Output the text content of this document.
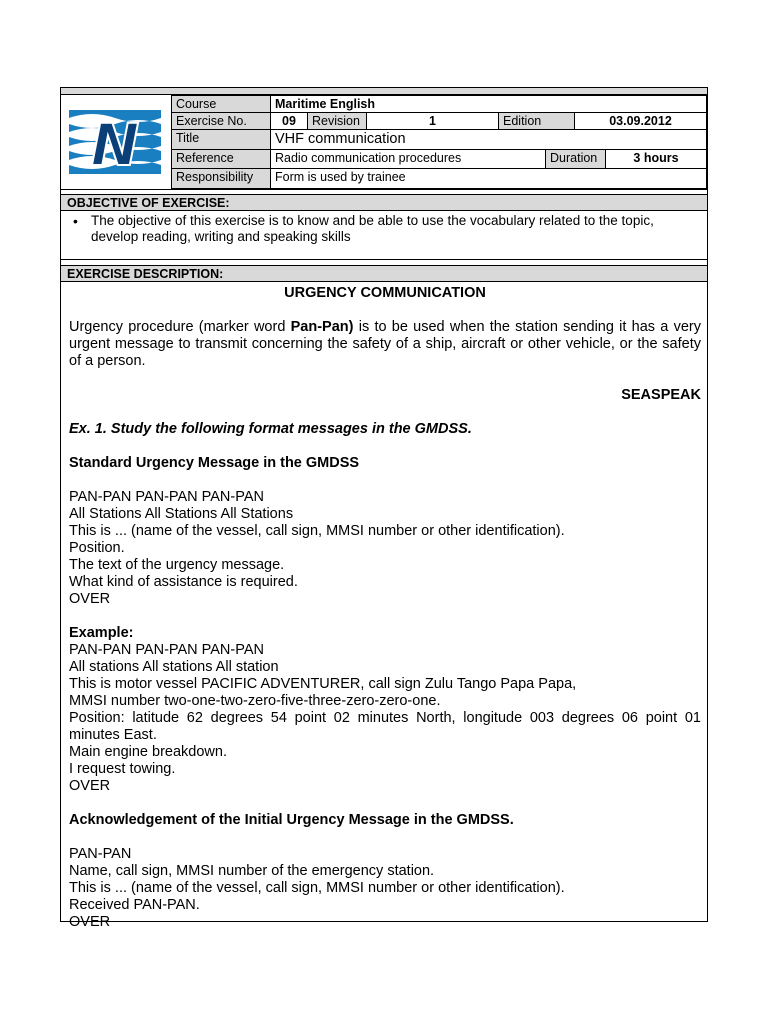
N
Course	Maritime English
Exercise No.	09	Revision	1	Edition	03.09.2012
Title	VHF communication
Reference	Radio communication procedures	Duration	3 hours
Responsibility	Form is used by trainee
OBJECTIVE OF EXERCISE:
• The objective of this exercise is to know and be able to use the vocabulary related to the topic, develop reading, writing and speaking skills
EXERCISE DESCRIPTION:

URGENCY COMMUNICATION

Urgency procedure (marker word Pan-Pan) is to be used when the station sending it has a very urgent message to transmit concerning the safety of a ship, aircraft or other vehicle, or the safety of a person.

SEASPEAK

Ex. 1. Study the following format messages in the GMDSS.

Standard Urgency Message in the GMDSS

PAN-PAN PAN-PAN PAN-PAN

All Stations All Stations All Stations

This is ... (name of the vessel, call sign, MMSI number or other identification).

Position.

The text of the urgency message.

What kind of assistance is required.

OVER

Example:

PAN-PAN PAN-PAN PAN-PAN

All stations All stations All station

This is motor vessel PACIFIC ADVENTURER, call sign Zulu Tango Papa Papa,

MMSI number two-one-two-zero-five-three-zero-zero-one.

Position: latitude 62 degrees 54 point 02 minutes North, longitude 003 degrees 06 point 01 minutes East.

Main engine breakdown.

I request towing.

OVER

Acknowledgement of the Initial Urgency Message in the GMDSS.

PAN-PAN

Name, call sign, MMSI number of the emergency station.

This is ... (name of the vessel, call sign, MMSI number or other identification).

Received PAN-PAN.

OVER
